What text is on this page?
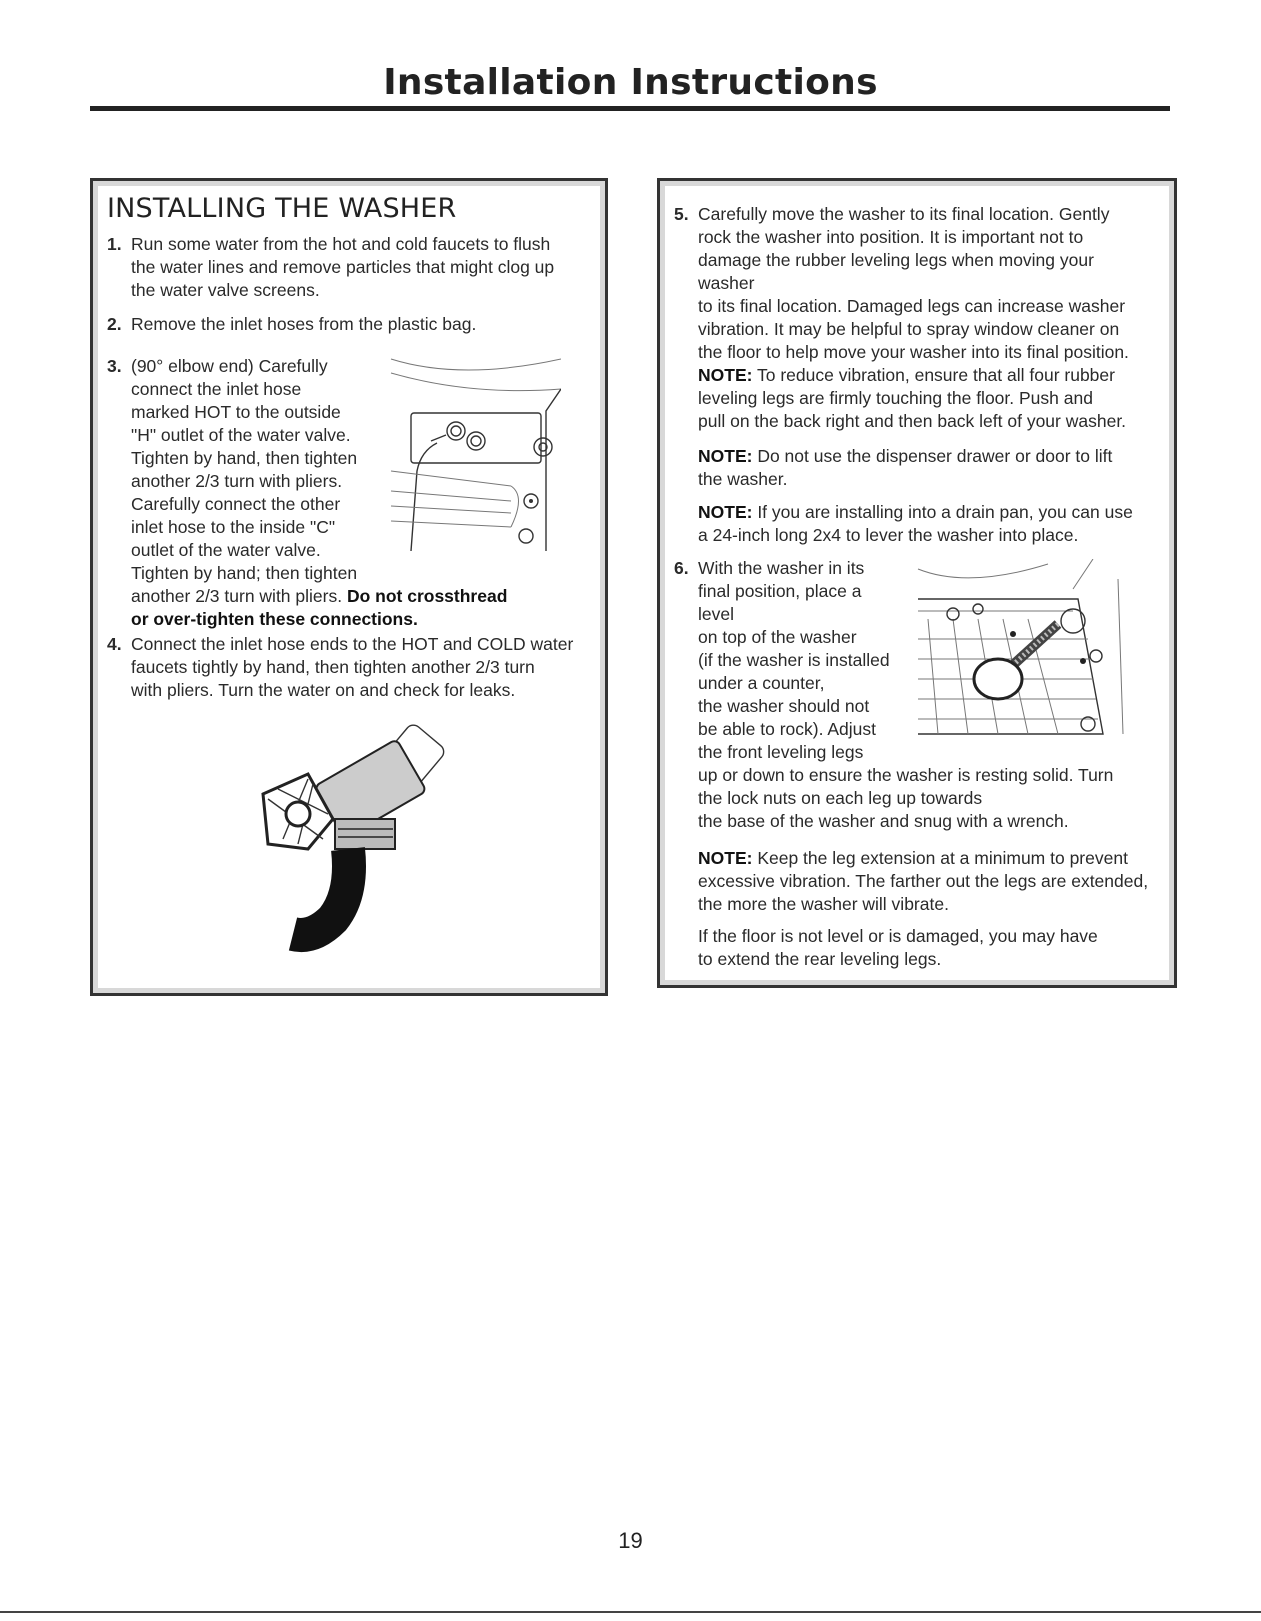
Installation Instructions
INSTALLING THE WASHER
1. Run some water from the hot and cold faucets to flush
the water lines and remove particles that might clog up
the water valve screens.
2. Remove the inlet hoses from the plastic bag.
3. (90° elbow end) Carefully
connect the inlet hose
marked HOT to the outside
"H" outlet of the water valve.
Tighten by hand, then tighten
another 2/3 turn with pliers.
Carefully connect the other
inlet hose to the inside "C"
outlet of the water valve.
Tighten by hand; then tighten
another 2/3 turn with pliers. Do not crossthread
or over-tighten these connections.
4. Connect the inlet hose ends to the HOT and COLD water
faucets tightly by hand, then tighten another 2/3 turn
with pliers. Turn the water on and check for leaks.
5. Carefully move the washer to its final location. Gently
rock the washer into position. It is important not to
damage the rubber leveling legs when moving your
washer
to its final location. Damaged legs can increase washer
vibration. It may be helpful to spray window cleaner on
the floor to help move your washer into its final position.
NOTE: To reduce vibration, ensure that all four rubber
leveling legs are firmly touching the floor. Push and
pull on the back right and then back left of your washer.
NOTE: Do not use the dispenser drawer or door to lift
the washer.
NOTE: If you are installing into a drain pan, you can use
a 24-inch long 2x4 to lever the washer into place.
6. With the washer in its
final position, place a
level
on top of the washer
(if the washer is installed
under a counter,
the washer should not
be able to rock). Adjust
the front leveling legs
up or down to ensure the washer is resting solid. Turn
the lock nuts on each leg up towards
the base of the washer and snug with a wrench.
NOTE: Keep the leg extension at a minimum to prevent
excessive vibration. The farther out the legs are extended,
the more the washer will vibrate.
If the floor is not level or is damaged, you may have
to extend the rear leveling legs.
19
